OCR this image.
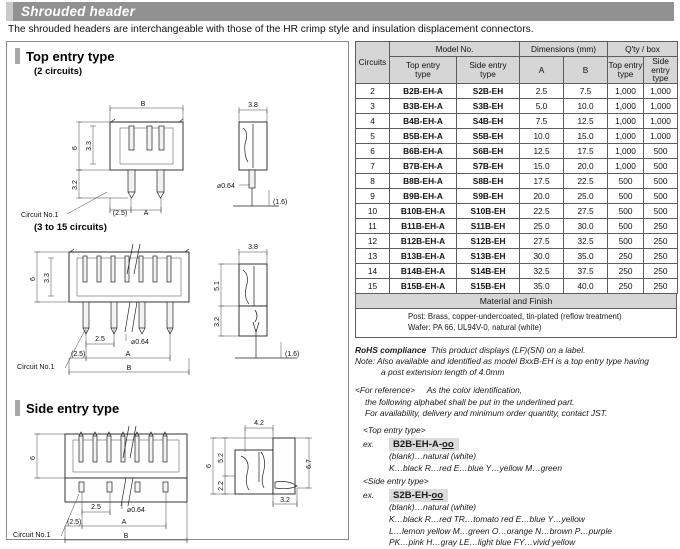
Shrouded header
The shrouded headers are interchangeable with those of the HR crimp style and insulation displacement connectors.
Top entry type
(2 circuits)
B
6 3.3
3.2
(2.5) A
Circuit No.1
3.8
⌀0.64
(1.6)
(3 to 15 circuits)
6 3.3
2.5	⌀0.64
A
(2.5)
B
Circuit No.1
3.8
5.1
3.2
(1.6)
Side entry type
6
2.5	⌀0.64
A
(2.5)
B
Circuit No.1
4.2
6
5.2
2.2
6.7
3.2
Circuits	Model No.		Dimensions (mm)		Q'ty / box	
	Top entry
type	Side entry
type	A	B	Top entry
type	Side entry
type
2	B2B-EH-A	S2B-EH	2.5	7.5	1,000	1,000
3	B3B-EH-A	S3B-EH	5.0	10.0	1,000	1,000
4	B4B-EH-A	S4B-EH	7.5	12.5	1,000	1,000
5	B5B-EH-A	S5B-EH	10.0	15.0	1,000	1,000
6	B6B-EH-A	S6B-EH	12.5	17.5	1,000	500
7	B7B-EH-A	S7B-EH	15.0	20.0	1,000	500
8	B8B-EH-A	S8B-EH	17.5	22.5	500	500
9	B9B-EH-A	S9B-EH	20.0	25.0	500	500
10	B10B-EH-A	S10B-EH	22.5	27.5	500	500
11	B11B-EH-A	S11B-EH	25.0	30.0	500	250
12	B12B-EH-A	S12B-EH	27.5	32.5	500	250
13	B13B-EH-A	S13B-EH	30.0	35.0	250	250
14	B14B-EH-A	S14B-EH	32.5	37.5	250	250
15	B15B-EH-A	S15B-EH	35.0	40.0	250	250
Material and Finish
Post: Brass, copper-undercoated, tin-plated (reflow treatment)
Wafer: PA 66, UL94V-0, natural (white)
RoHS compliance This product displays (LF)(SN) on a label.
Note: Also available and identified as model BxxB-EH is a top entry type having
a post extension length of 4.0mm
<For reference> As the color identification,
the following alphabet shall be put in the underlined part.
For availability, delivery and minimum order quantity, contact JST.
<Top entry type>
ex.	B2B-EH-A-oo
(blank)…natural (white)
K…black R…red E…blue Y…yellow M…green
<Side entry type>
ex.	S2B-EH-oo
(blank)…natural (white)
K…black R…red TR…tomato red E…blue Y…yellow
L…lemon yellow M…green O…orange N…brown P…purple
PK…pink H…gray LE…light blue FY…vivid yellow
